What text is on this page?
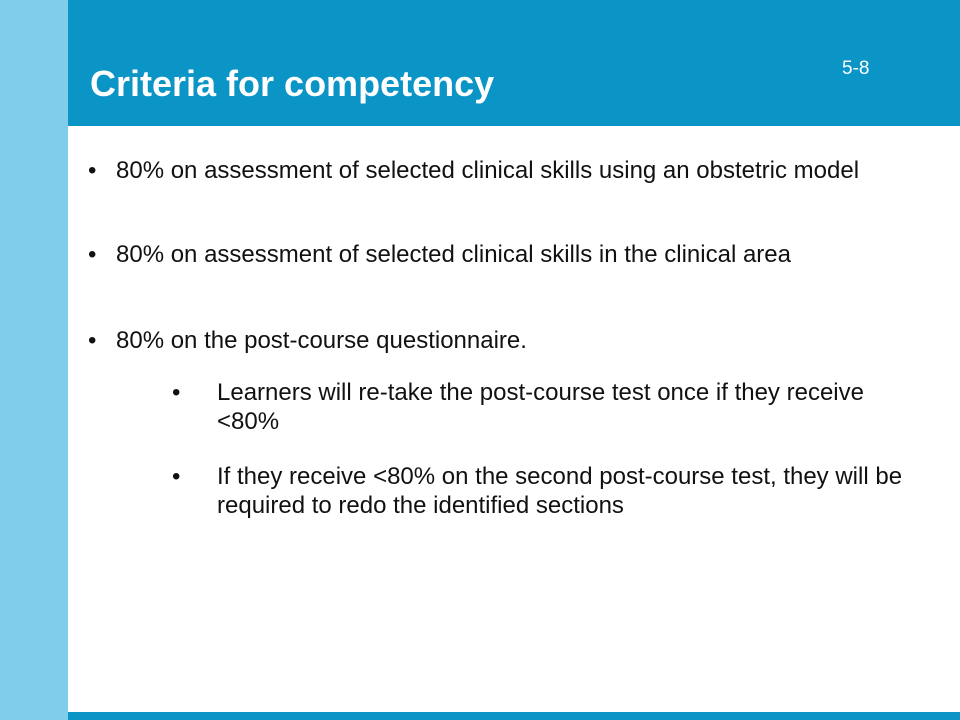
5-8
Criteria for competency
• 80% on assessment of selected clinical skills using an obstetric model
• 80% on assessment of selected clinical skills in the clinical area
• 80% on the post-course questionnaire.
• Learners will re-take the post-course test once if they receive <80%
• If they receive <80% on the second post-course test, they will be required to redo the identified sections
